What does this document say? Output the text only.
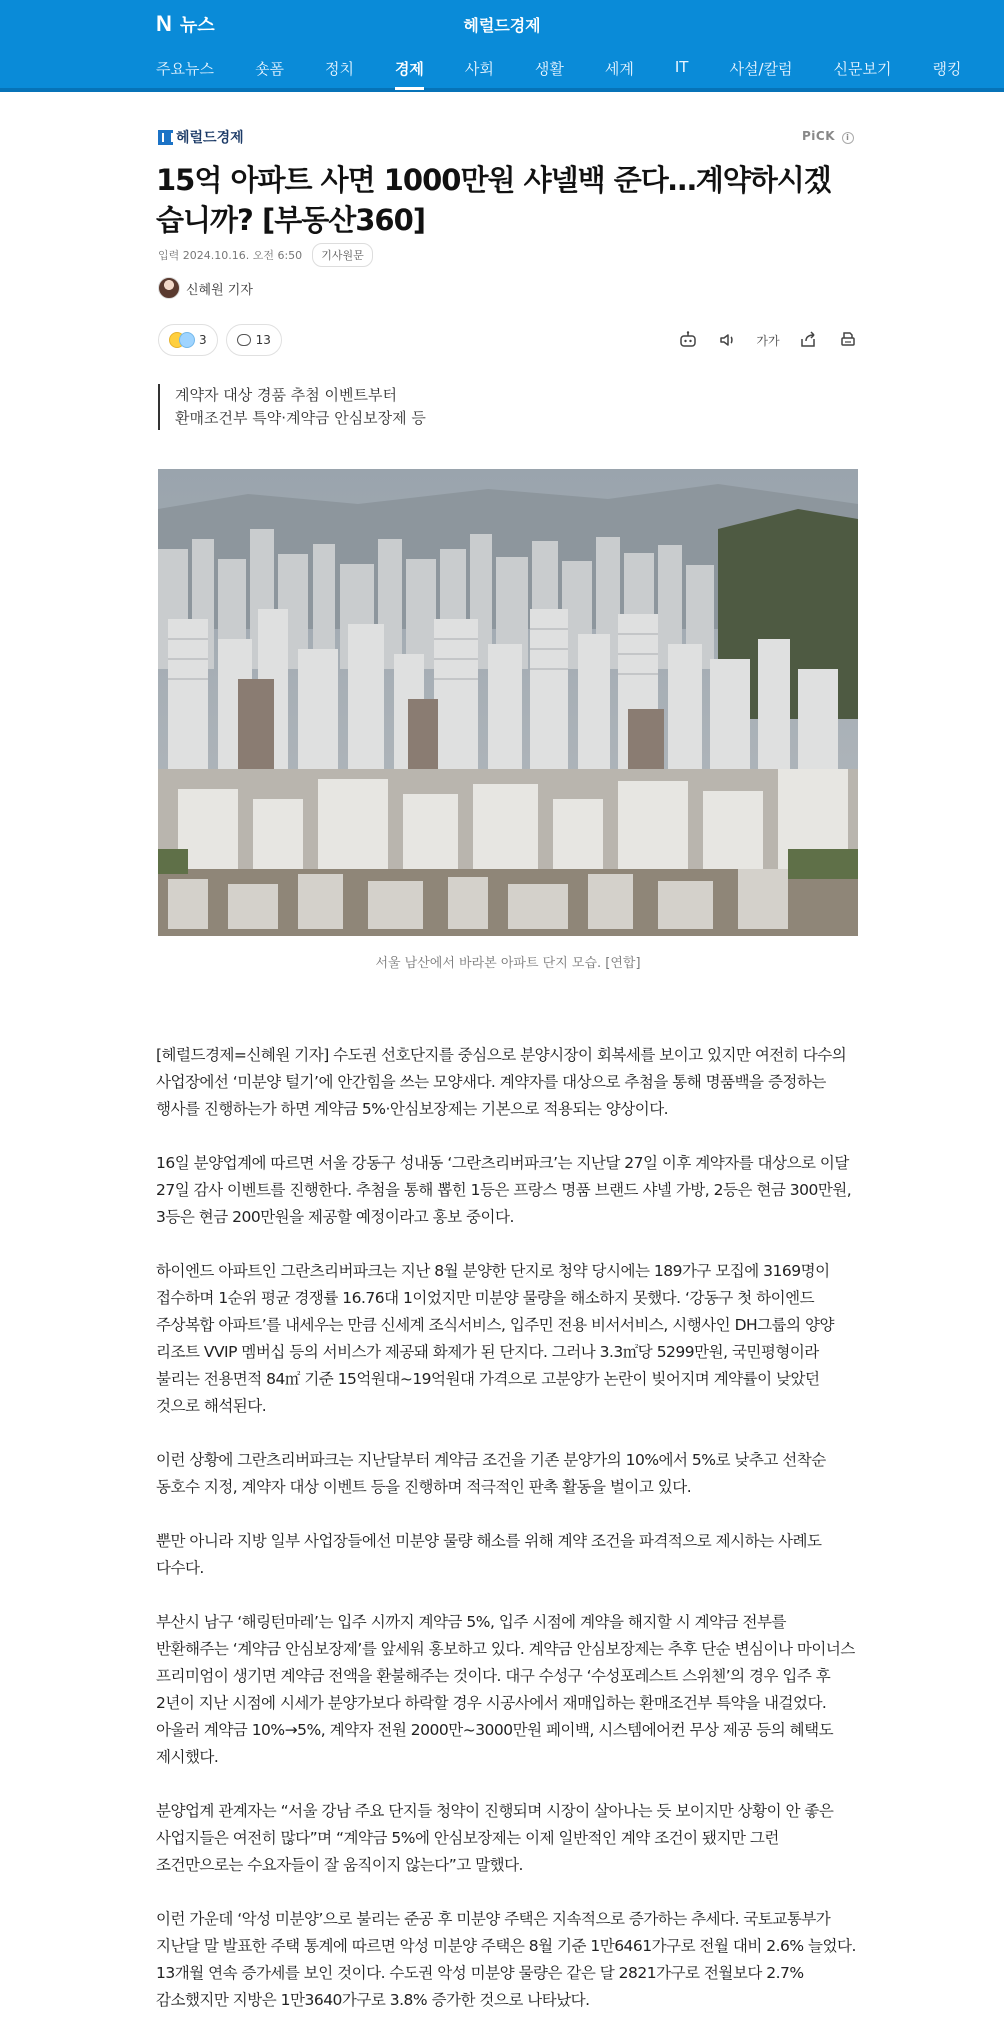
N 뉴스	헤럴드경제
주요뉴스	숏폼	정치	경제	사회	생활	세계	IT	사설/칼럼	신문보기	랭킹
헤럴드경제	PiCK i
15억 아파트 사면 1000만원 샤넬백 준다…계약하시겠습니까? [부동산360]
입력 2024.10.16. 오전 6:50	기사원문
신혜원 기자
3	13	가가
계약자 대상 경품 추첨 이벤트부터
환매조건부 특약·계약금 안심보장제 등
서울 남산에서 바라본 아파트 단지 모습. [연합]

[헤럴드경제=신혜원 기자] 수도권 선호단지를 중심으로 분양시장이 회복세를 보이고 있지만 여전히 다수의 사업장에선 ‘미분양 털기’에 안간힘을 쓰는 모양새다. 계약자를 대상으로 추첨을 통해 명품백을 증정하는 행사를 진행하는가 하면 계약금 5%·안심보장제는 기본으로 적용되는 양상이다.

16일 분양업계에 따르면 서울 강동구 성내동 ‘그란츠리버파크’는 지난달 27일 이후 계약자를 대상으로 이달 27일 감사 이벤트를 진행한다. 추첨을 통해 뽑힌 1등은 프랑스 명품 브랜드 샤넬 가방, 2등은 현금 300만원, 3등은 현금 200만원을 제공할 예정이라고 홍보 중이다.

하이엔드 아파트인 그란츠리버파크는 지난 8월 분양한 단지로 청약 당시에는 189가구 모집에 3169명이 접수하며 1순위 평균 경쟁률 16.76대 1이었지만 미분양 물량을 해소하지 못했다. ‘강동구 첫 하이엔드 주상복합 아파트’를 내세우는 만큼 신세계 조식서비스, 입주민 전용 비서서비스, 시행사인 DH그룹의 양양 리조트 VVIP 멤버십 등의 서비스가 제공돼 화제가 된 단지다. 그러나 3.3㎡당 5299만원, 국민평형이라 불리는 전용면적 84㎡ 기준 15억원대~19억원대 가격으로 고분양가 논란이 빚어지며 계약률이 낮았던 것으로 해석된다.

이런 상황에 그란츠리버파크는 지난달부터 계약금 조건을 기존 분양가의 10%에서 5%로 낮추고 선착순 동호수 지정, 계약자 대상 이벤트 등을 진행하며 적극적인 판촉 활동을 벌이고 있다.

뿐만 아니라 지방 일부 사업장들에선 미분양 물량 해소를 위해 계약 조건을 파격적으로 제시하는 사례도 다수다.

부산시 남구 ‘해링턴마레’는 입주 시까지 계약금 5%, 입주 시점에 계약을 해지할 시 계약금 전부를 반환해주는 ‘계약금 안심보장제’를 앞세워 홍보하고 있다. 계약금 안심보장제는 추후 단순 변심이나 마이너스 프리미엄이 생기면 계약금 전액을 환불해주는 것이다. 대구 수성구 ‘수성포레스트 스위첸’의 경우 입주 후 2년이 지난 시점에 시세가 분양가보다 하락할 경우 시공사에서 재매입하는 환매조건부 특약을 내걸었다. 아울러 계약금 10%→5%, 계약자 전원 2000만~3000만원 페이백, 시스템에어컨 무상 제공 등의 혜택도 제시했다.

분양업계 관계자는 “서울 강남 주요 단지들 청약이 진행되며 시장이 살아나는 듯 보이지만 상황이 안 좋은 사업지들은 여전히 많다”며 “계약금 5%에 안심보장제는 이제 일반적인 계약 조건이 됐지만 그런 조건만으로는 수요자들이 잘 움직이지 않는다”고 말했다.

이런 가운데 ‘악성 미분양’으로 불리는 준공 후 미분양 주택은 지속적으로 증가하는 추세다. 국토교통부가 지난달 말 발표한 주택 통계에 따르면 악성 미분양 주택은 8월 기준 1만6461가구로 전월 대비 2.6% 늘었다. 13개월 연속 증가세를 보인 것이다. 수도권 악성 미분양 물량은 같은 달 2821가구로 전월보다 2.7% 감소했지만 지방은 1만3640가구로 3.8% 증가한 것으로 나타났다.
